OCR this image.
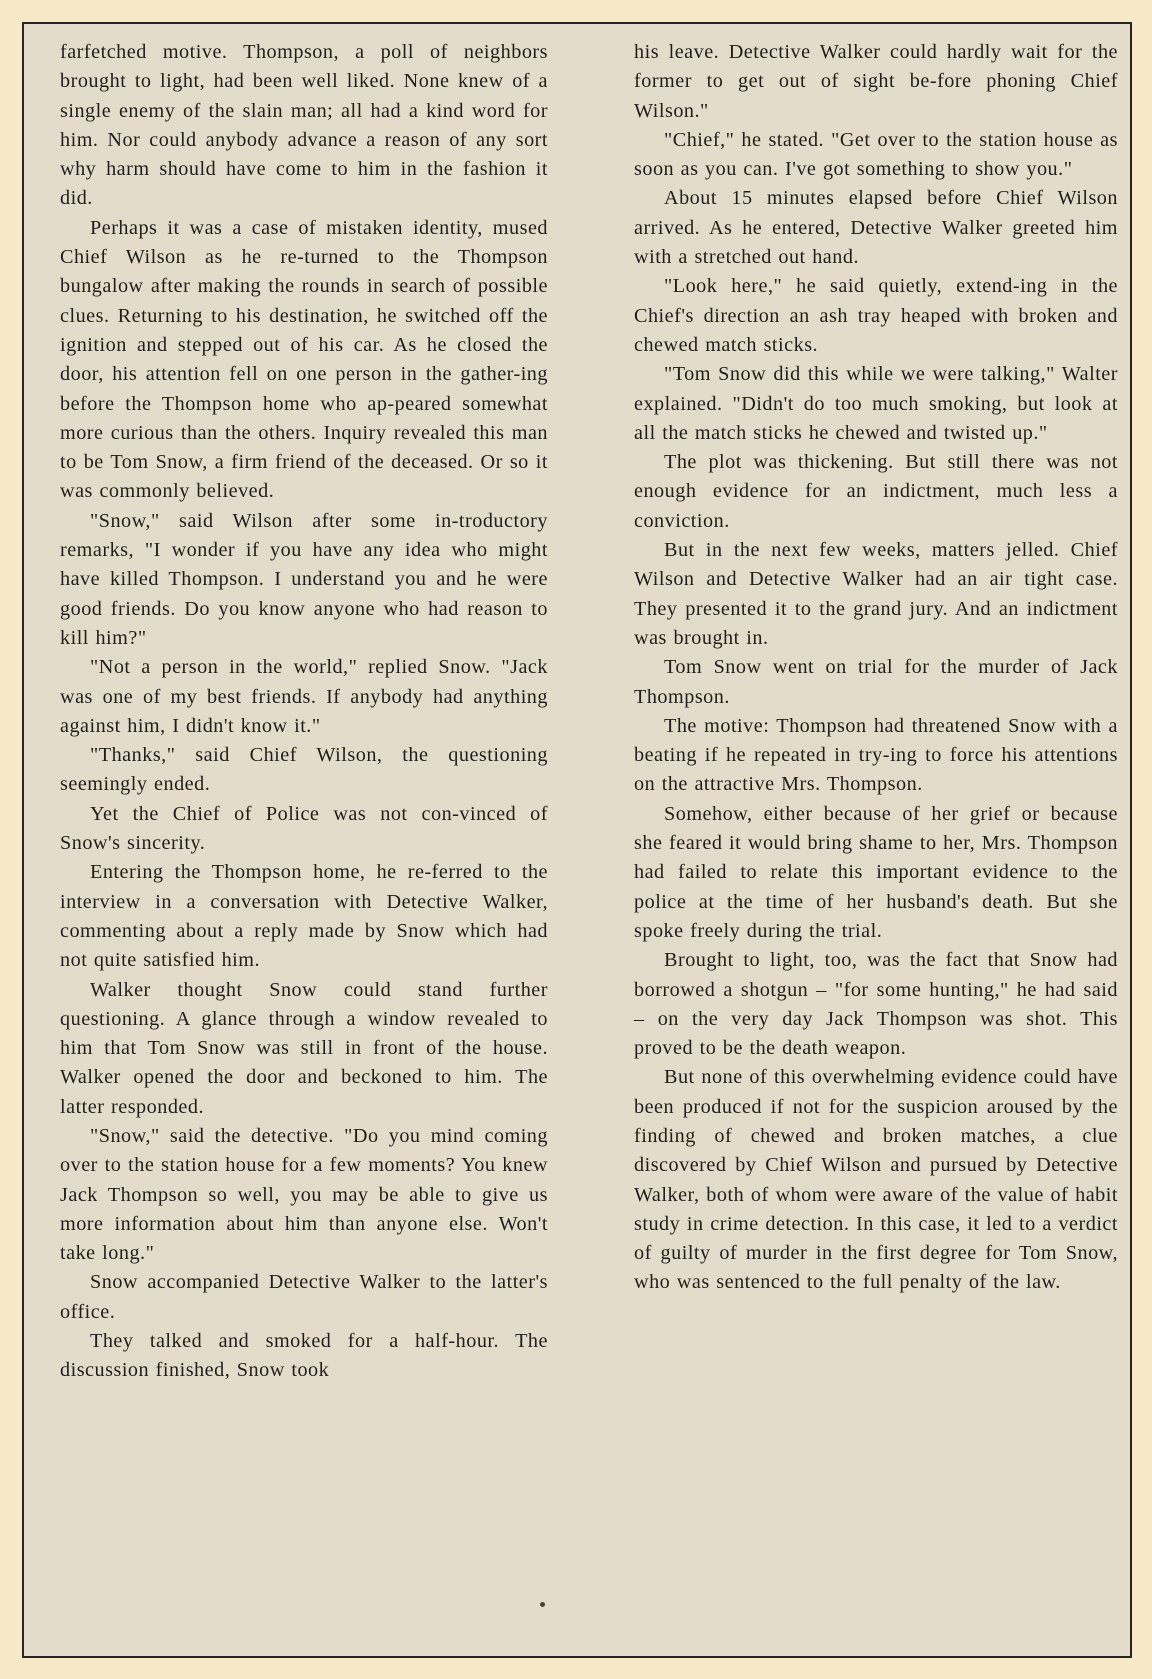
farfetched motive. Thompson, a poll of neighbors brought to light, had been well liked. None knew of a single enemy of the slain man; all had a kind word for him. Nor could anybody advance a reason of any sort why harm should have come to him in the fashion it did.

Perhaps it was a case of mistaken identity, mused Chief Wilson as he re-turned to the Thompson bungalow after making the rounds in search of possible clues. Returning to his destination, he switched off the ignition and stepped out of his car. As he closed the door, his attention fell on one person in the gather-ing before the Thompson home who ap-peared somewhat more curious than the others. Inquiry revealed this man to be Tom Snow, a firm friend of the deceased. Or so it was commonly believed.

"Snow," said Wilson after some in-troductory remarks, "I wonder if you have any idea who might have killed Thompson. I understand you and he were good friends. Do you know anyone who had reason to kill him?"

"Not a person in the world," replied Snow. "Jack was one of my best friends. If anybody had anything against him, I didn't know it."

"Thanks," said Chief Wilson, the questioning seemingly ended.

Yet the Chief of Police was not con-vinced of Snow's sincerity.

Entering the Thompson home, he re-ferred to the interview in a conversation with Detective Walker, commenting about a reply made by Snow which had not quite satisfied him.

Walker thought Snow could stand further questioning. A glance through a window revealed to him that Tom Snow was still in front of the house. Walker opened the door and beckoned to him. The latter responded.

"Snow," said the detective. "Do you mind coming over to the station house for a few moments? You knew Jack Thompson so well, you may be able to give us more information about him than anyone else. Won't take long."

Snow accompanied Detective Walker to the latter's office.

They talked and smoked for a half-hour. The discussion finished, Snow took

his leave. Detective Walker could hardly wait for the former to get out of sight be-fore phoning Chief Wilson."

"Chief," he stated. "Get over to the station house as soon as you can. I've got something to show you."

About 15 minutes elapsed before Chief Wilson arrived. As he entered, Detective Walker greeted him with a stretched out hand.

"Look here," he said quietly, extend-ing in the Chief's direction an ash tray heaped with broken and chewed match sticks.

"Tom Snow did this while we were talking," Walter explained. "Didn't do too much smoking, but look at all the match sticks he chewed and twisted up."

The plot was thickening. But still there was not enough evidence for an indictment, much less a conviction.

But in the next few weeks, matters jelled. Chief Wilson and Detective Walker had an air tight case. They presented it to the grand jury. And an indictment was brought in.

Tom Snow went on trial for the murder of Jack Thompson.

The motive: Thompson had threatened Snow with a beating if he repeated in try-ing to force his attentions on the attractive Mrs. Thompson.

Somehow, either because of her grief or because she feared it would bring shame to her, Mrs. Thompson had failed to relate this important evidence to the police at the time of her husband's death. But she spoke freely during the trial.

Brought to light, too, was the fact that Snow had borrowed a shotgun – "for some hunting," he had said – on the very day Jack Thompson was shot. This proved to be the death weapon.

But none of this overwhelming evidence could have been produced if not for the suspicion aroused by the finding of chewed and broken matches, a clue discovered by Chief Wilson and pursued by Detective Walker, both of whom were aware of the value of habit study in crime detection. In this case, it led to a verdict of guilty of murder in the first degree for Tom Snow, who was sentenced to the full penalty of the law.
